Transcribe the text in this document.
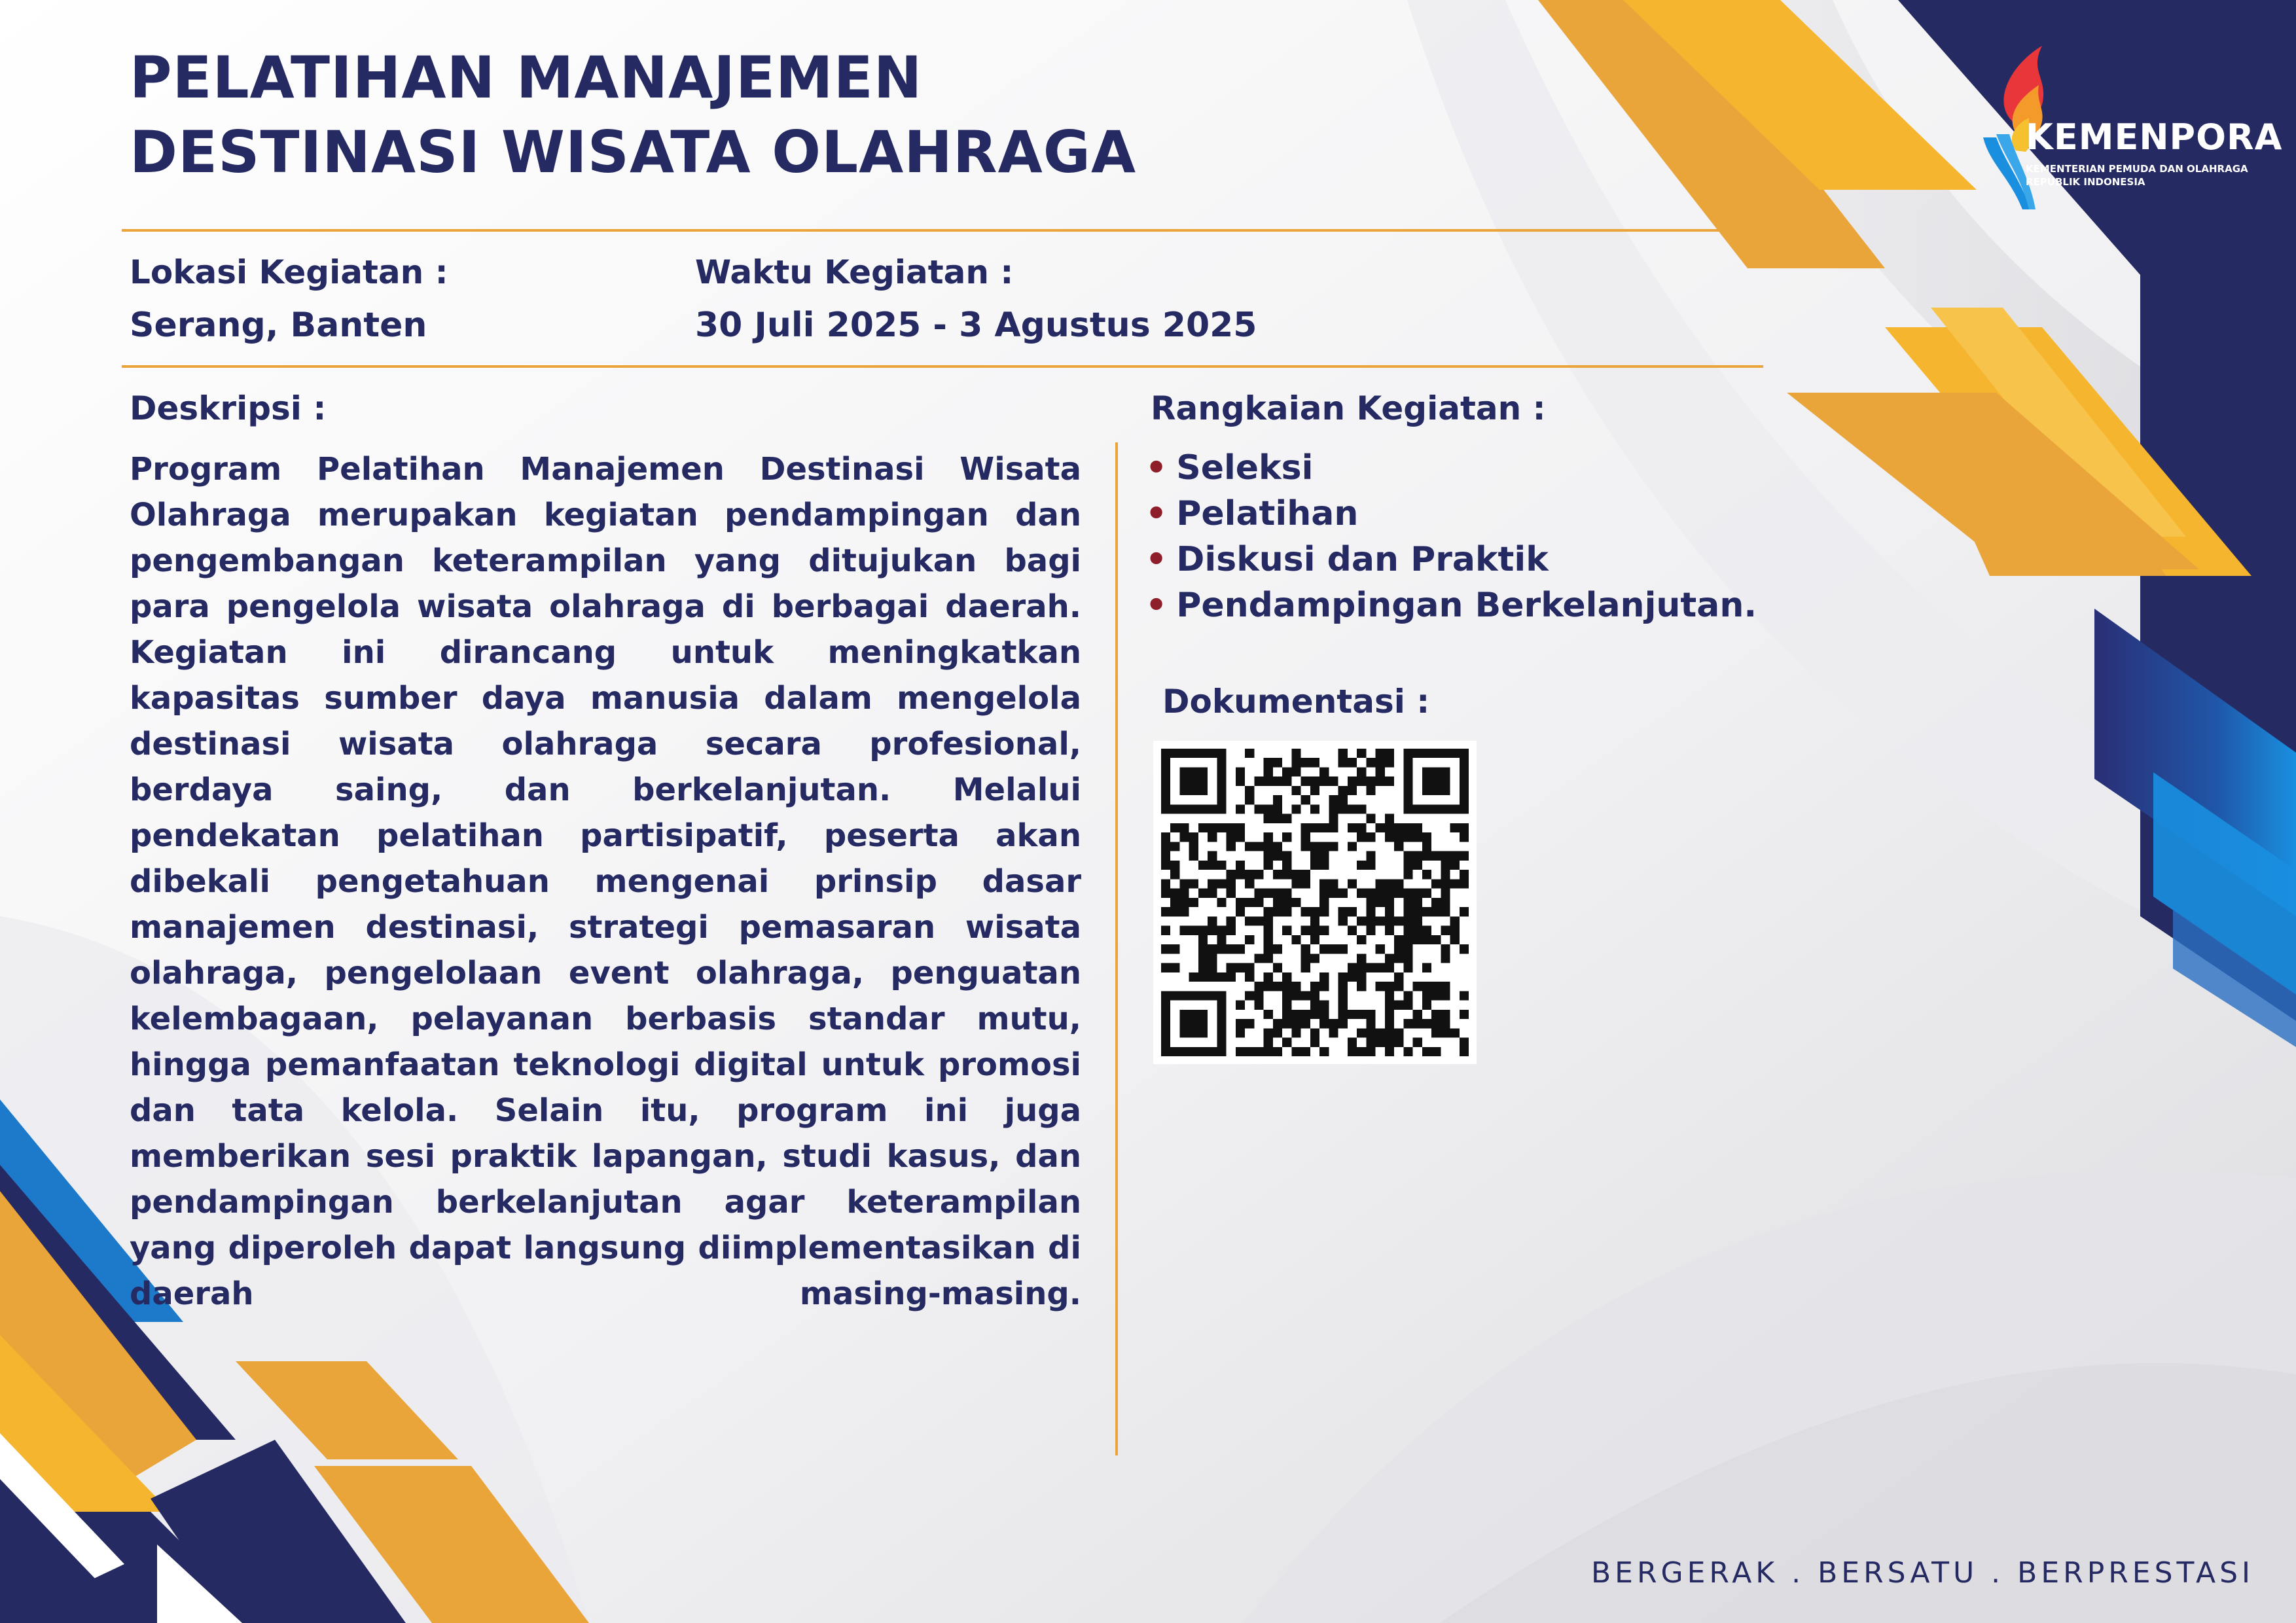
PELATIHAN MANAJEMEN
DESTINASI WISATA OLAHRAGA	KEMENPORA
KEMENTERIAN PEMUDA DAN OLAHRAGA
REPUBLIK INDONESIA
Lokasi Kegiatan :
Serang, Banten
Waktu Kegiatan :
30 Juli 2025 - 3 Agustus 2025
Deskripsi :

Program Pelatihan Manajemen Destinasi Wisata Olahraga merupakan kegiatan pendampingan dan pengembangan keterampilan yang ditujukan bagi para pengelola wisata olahraga di berbagai daerah. Kegiatan ini dirancang untuk meningkatkan kapasitas sumber daya manusia dalam mengelola destinasi wisata olahraga secara profesional, berdaya saing, dan berkelanjutan. Melalui pendekatan pelatihan partisipatif, peserta akan dibekali pengetahuan mengenai prinsip dasar manajemen destinasi, strategi pemasaran wisata olahraga, pengelolaan event olahraga, penguatan kelembagaan, pelayanan berbasis standar mutu, hingga pemanfaatan teknologi digital untuk promosi dan tata kelola. Selain itu, program ini juga memberikan sesi praktik lapangan, studi kasus, dan pendampingan berkelanjutan agar keterampilan yang diperoleh dapat langsung diimplementasikan di daerah masing-masing.

Rangkaian Kegiatan :
• Seleksi
• Pelatihan
• Diskusi dan Praktik
• Pendampingan Berkelanjutan.
Dokumentasi :
BERGERAK . BERSATU . BERPRESTASI
